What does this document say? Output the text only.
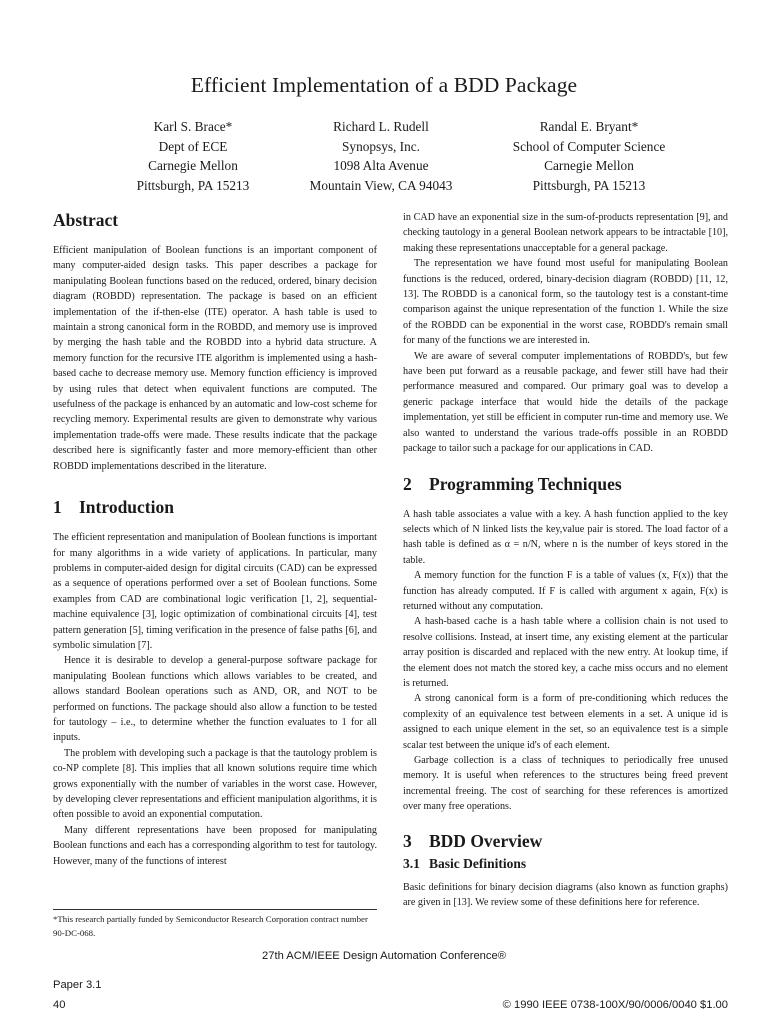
Efficient Implementation of a BDD Package
Karl S. Brace*
Dept of ECE
Carnegie Mellon
Pittsburgh, PA 15213
Richard L. Rudell
Synopsys, Inc.
1098 Alta Avenue
Mountain View, CA 94043
Randal E. Bryant*
School of Computer Science
Carnegie Mellon
Pittsburgh, PA 15213
Abstract

Efficient manipulation of Boolean functions is an important component of many computer-aided design tasks. This paper describes a package for manipulating Boolean functions based on the reduced, ordered, binary decision diagram (ROBDD) representation. The package is based on an efficient implementation of the if-then-else (ITE) operator. A hash table is used to maintain a strong canonical form in the ROBDD, and memory use is improved by merging the hash table and the ROBDD into a hybrid data structure. A memory function for the recursive ITE algorithm is implemented using a hash-based cache to decrease memory use. Memory function efficiency is improved by using rules that detect when equivalent functions are computed. The usefulness of the package is enhanced by an automatic and low-cost scheme for recycling memory. Experimental results are given to demonstrate why various implementation trade-offs were made. These results indicate that the package described here is significantly faster and more memory-efficient than other ROBDD implementations described in the literature.

1 Introduction

The efficient representation and manipulation of Boolean functions is important for many algorithms in a wide variety of applications. In particular, many problems in computer-aided design for digital circuits (CAD) can be expressed as a sequence of operations performed over a set of Boolean functions. Some examples from CAD are combinational logic verification [1, 2], sequential-machine equivalence [3], logic optimization of combinational circuits [4], test pattern generation [5], timing verification in the presence of false paths [6], and symbolic simulation [7].

Hence it is desirable to develop a general-purpose software package for manipulating Boolean functions which allows variables to be created, and allows standard Boolean operations such as AND, OR, and NOT to be performed on functions. The package should also allow a function to be tested for tautology – i.e., to determine whether the function evaluates to 1 for all inputs.

The problem with developing such a package is that the tautology problem is co-NP complete [8]. This implies that all known solutions require time which grows exponentially with the number of variables in the worst case. However, by developing clever representations and efficient manipulation algorithms, it is often possible to avoid an exponential computation.

Many different representations have been proposed for manipulating Boolean functions and each has a corresponding algorithm to test for tautology. However, many of the functions of interest

in CAD have an exponential size in the sum-of-products representation [9], and checking tautology in a general Boolean network appears to be intractable [10], making these representations unacceptable for a general package.

The representation we have found most useful for manipulating Boolean functions is the reduced, ordered, binary-decision diagram (ROBDD) [11, 12, 13]. The ROBDD is a canonical form, so the tautology test is a constant-time comparison against the unique representation of the function 1. While the size of the ROBDD can be exponential in the worst case, ROBDD's remain small for many of the functions we are interested in.

We are aware of several computer implementations of ROBDD's, but few have been put forward as a reusable package, and fewer still have had their performance measured and compared. Our primary goal was to develop a generic package interface that would hide the details of the package implementation, yet still be efficient in computer run-time and memory use. We also wanted to understand the various trade-offs possible in an ROBDD package to tailor such a package for our applications in CAD.

2 Programming Techniques

A hash table associates a value with a key. A hash function applied to the key selects which of N linked lists the key,value pair is stored. The load factor of a hash table is defined as α = n/N, where n is the number of keys stored in the table.

A memory function for the function F is a table of values (x, F(x)) that the function has already computed. If F is called with argument x again, F(x) is returned without any computation.

A hash-based cache is a hash table where a collision chain is not used to resolve collisions. Instead, at insert time, any existing element at the particular array position is discarded and replaced with the new entry. At lookup time, if the element does not match the stored key, a cache miss occurs and no element is returned.

A strong canonical form is a form of pre-conditioning which reduces the complexity of an equivalence test between elements in a set. A unique id is assigned to each unique element in the set, so an equivalence test is a simple scalar test between the unique id's of each element.

Garbage collection is a class of techniques to periodically free unused memory. It is useful when references to the structures being freed prevent incremental freeing. The cost of searching for these references is amortized over many free operations.

3 BDD Overview
3.1 Basic Definitions

Basic definitions for binary decision diagrams (also known as function graphs) are given in [13]. We review some of these definitions here for reference.

*This research partially funded by Semiconductor Research Corporation contract number 90-DC-068.
27th ACM/IEEE Design Automation Conference®
Paper 3.1
40	© 1990 IEEE 0738-100X/90/0006/0040 $1.00
